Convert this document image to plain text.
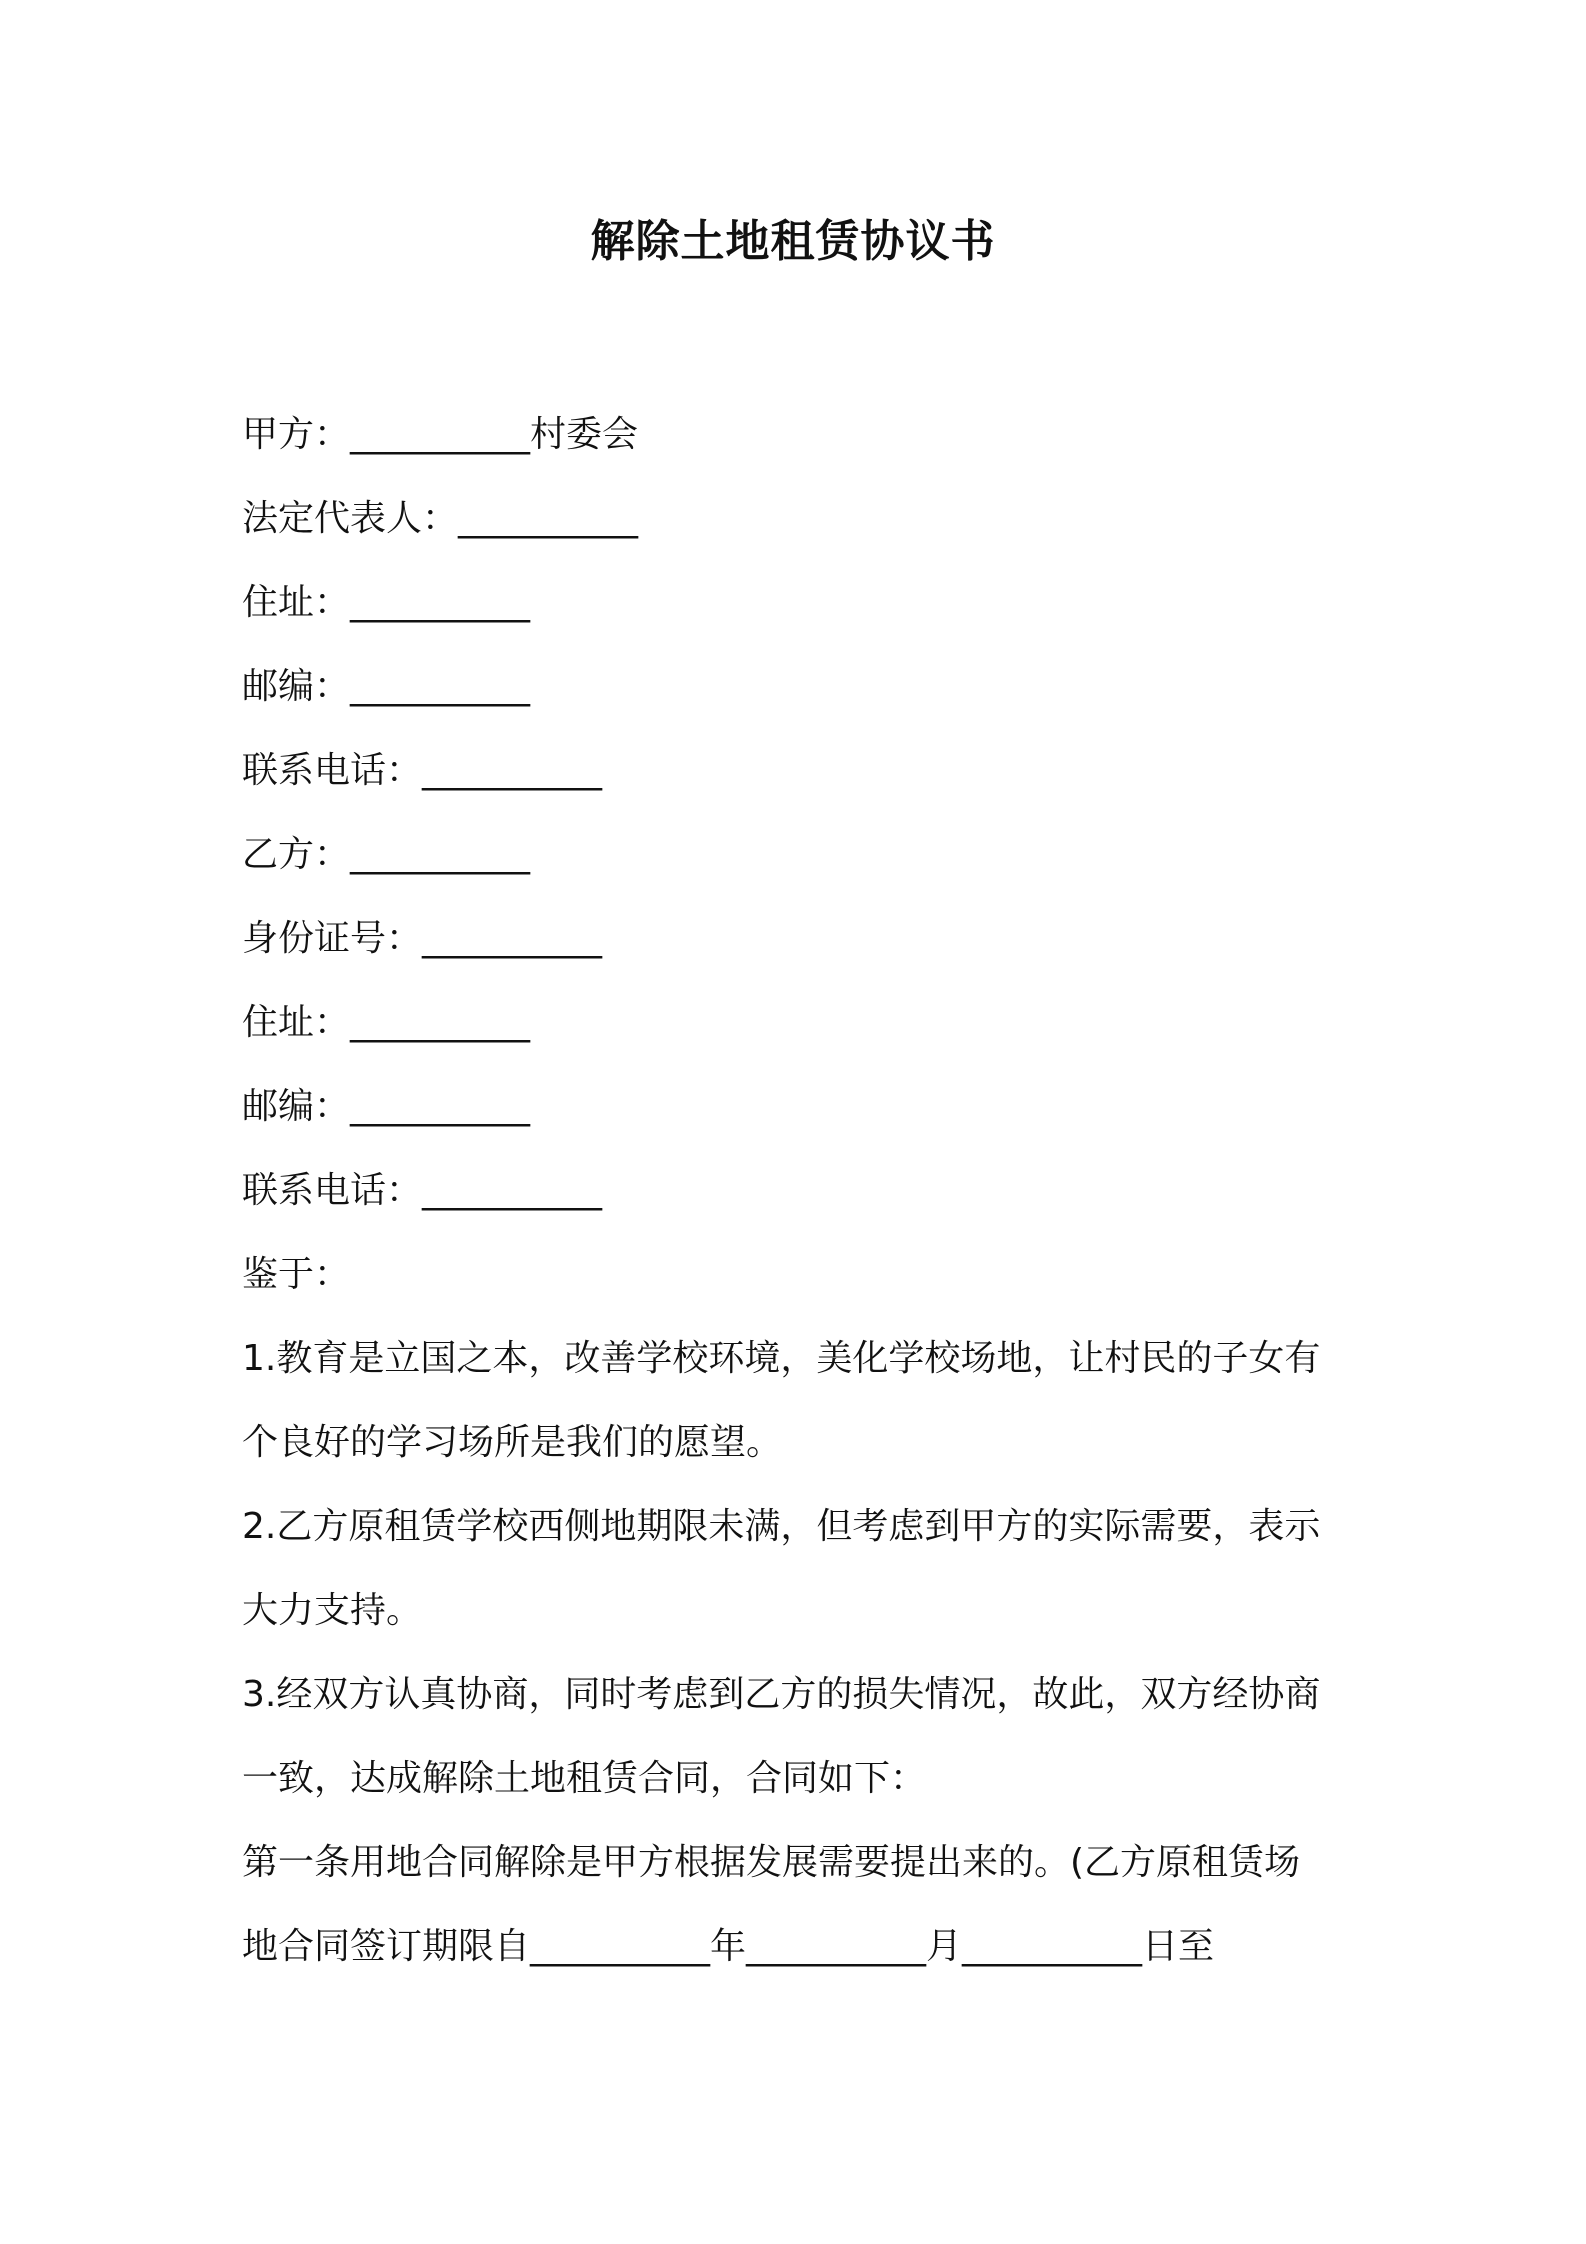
解除土地租赁协议书
甲方：__________村委会
法定代表人：__________
住址：__________
邮编：__________
联系电话：__________
乙方：__________
身份证号：__________
住址：__________
邮编：__________
联系电话：__________
鉴于：
1.教育是立国之本，改善学校环境，美化学校场地，让村民的子女有
个良好的学习场所是我们的愿望。
2.乙方原租赁学校西侧地期限未满，但考虑到甲方的实际需要，表示
大力支持。
3.经双方认真协商，同时考虑到乙方的损失情况，故此，双方经协商
一致，达成解除土地租赁合同，合同如下：
第一条用地合同解除是甲方根据发展需要提出来的。(乙方原租赁场
地合同签订期限自__________年__________月__________日至
